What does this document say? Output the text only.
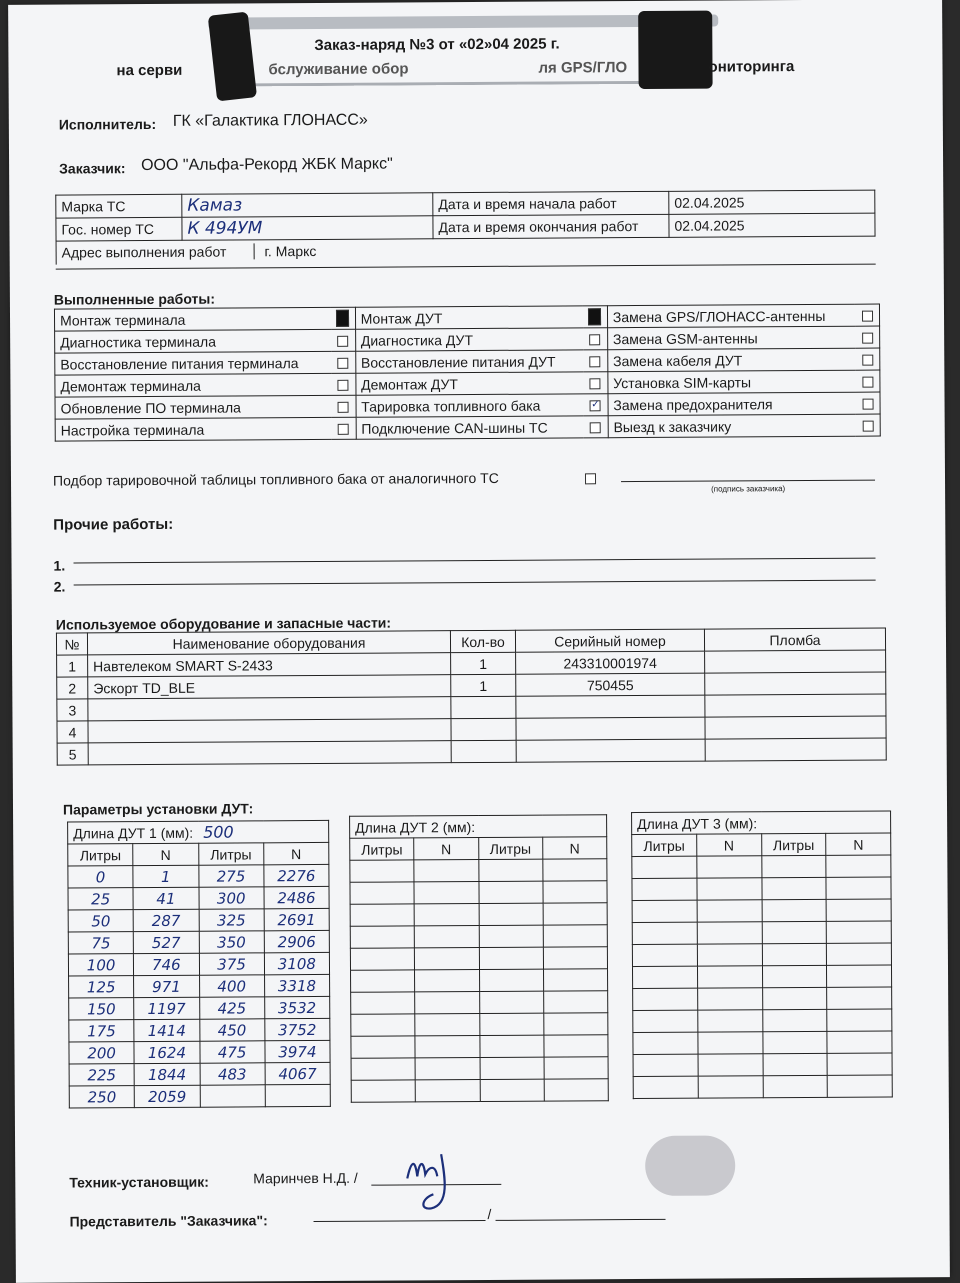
Заказ-наряд №3 от «02»04 2025 г.
на серви	бслуживание обор	ля GPS/ГЛО	ониторинга
Исполнитель: ГК «Галактика ГЛОНАСС»
Заказчик: ООО "Альфа-Рекорд ЖБК Маркс"
Марка ТС	Камаз	Дата и время начала работ	02.04.2025
Гос. номер ТС	К 494УМ	Дата и время окончания работ	02.04.2025
Адрес выполнения работ г. Маркс			
Выполненные работы:
Монтаж терминала		Монтаж ДУТ		Замена GPS/ГЛОНАСС-антенны	
Диагностика терминала		Диагностика ДУТ		Замена GSM-антенны	
Восстановление питания терминала		Восстановление питания ДУТ		Замена кабеля ДУТ	
Демонтаж терминала		Демонтаж ДУТ		Установка SIM-карты	
Обновление ПО терминала		Тарировка топливного бака	✓	Замена предохранителя	
Настройка терминала		Подключение CAN-шины ТС		Выезд к заказчику	
Подбор тарировочной таблицы топливного бака от аналогичного ТС
(подпись заказчика)
Прочие работы:
1.
2.
Используемое оборудование и запасные части:
№	Наименование оборудования	Кол-во	Серийный номер	Пломба
1	Навтелеком SMART S-2433	1	243310001974	
2	Эскорт TD_BLE	1	750455	
3				
4				
5				
Параметры установки ДУТ:
Длина ДУТ 1 (мм): 500			
Литры	N	Литры	N
0	1	275	2276
25	41	300	2486
50	287	325	2691
75	527	350	2906
100	746	375	3108
125	971	400	3318
150	1197	425	3532
175	1414	450	3752
200	1624	475	3974
225	1844	483	4067
250	2059		
Длина ДУТ 2 (мм):			
Литры	N	Литры	N

Длина ДУТ 3 (мм):			
Литры	N	Литры	N

Техник-установщик:	Маринчев Н.Д. /
Представитель "Заказчика":	/
